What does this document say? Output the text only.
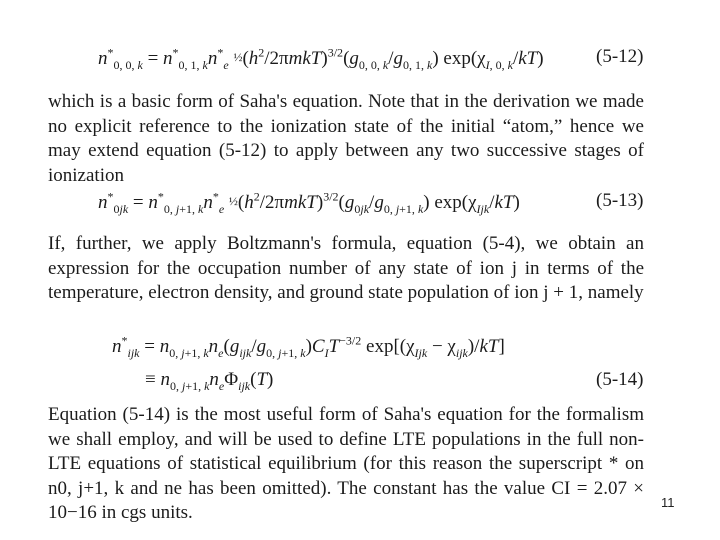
$n^*_{0, 0, k} = n^*_{0, 1, k}n^*_e$ $\frac{1}{2}(h^2/2\pi mkT)^{3/2}(g_{0, 0, k}/g_{0, 1, k})$ $\exp(\chi_{I, 0, k}/kT)$	(5-12)

which is a basic form of Saha's equation. Note that in the derivation we made no explicit reference to the ionization state of the initial “atom,” hence we may extend equation (5-12) to apply between any two successive stages of ionization

$n^*_{0jk} = n^*_{0, j+1, k}n^*_e$ $\frac{1}{2}(h^2/2\pi mkT)^{3/2}(g_{0jk}/g_{0, j+1, k})$ $\exp(\chi_{Ijk}/kT)$	(5-13)

If, further, we apply Boltzmann's formula, equation (5-4), we obtain an expression for the occupation number of any state of ion j in terms of the temperature, electron density, and ground state population of ion j + 1, namely

$n^*_{ijk} = n_{0, j+1, k}n_e(g_{ijk}/g_{0, j+1, k})C_IT^{-3/2}$ $\exp[(\chi_{Ijk} - \chi_{ijk})/kT]$
≡ $n_{0, j+1, k}n_e\Phi_{ijk}(T)$	(5-14)

Equation (5-14) is the most useful form of Saha's equation for the formalism we shall employ, and will be used to define LTE populations in the full non-LTE equations of statistical equilibrium (for this reason the superscript * on n0, j+1, k and ne has been omitted). The constant has the value CI = 2.07 × 10−16 in cgs units.	11
